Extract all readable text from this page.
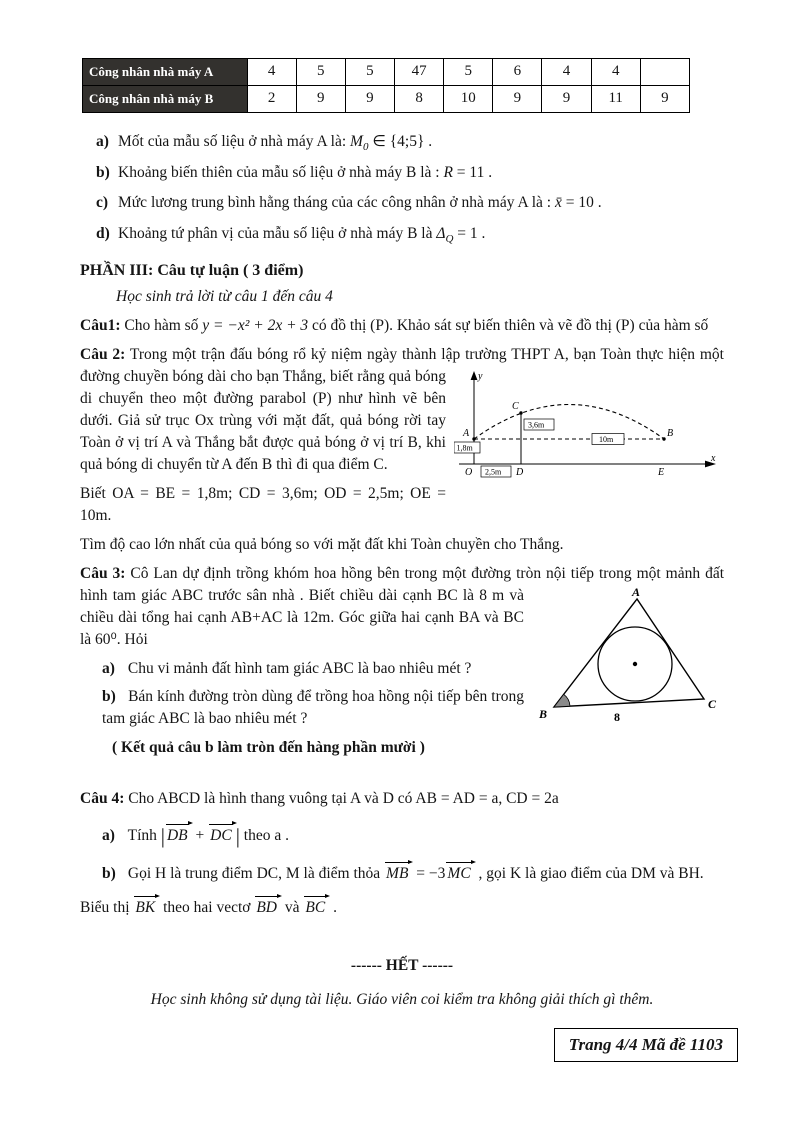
Công nhân nhà máy A	4	5	5	47	5	6	4	4	
Công nhân nhà máy B	2	9	9	8	10	9	9	11	9
a) Mốt của mẫu số liệu ở nhà máy A là: $M_0$ ∈ {4;5} .
b) Khoảng biến thiên của mẫu số liệu ở nhà máy B là : R = 11 .
c) Mức lương trung bình hằng tháng của các công nhân ở nhà máy A là : x̄ = 10 .
d) Khoảng tứ phân vị của mẫu số liệu ở nhà máy B là $\Delta_Q = 1$ .
PHẦN III: Câu tự luận ( 3 điểm)
Học sinh trả lời từ câu 1 đến câu 4

Câu1: Cho hàm số y = −x² + 2x + 3 có đồ thị (P). Khảo sát sự biến thiên và vẽ đồ thị (P) của hàm số

Câu 2: Trong một trận đấu bóng rổ kỷ niệm ngày thành lập trường THPT A, bạn Toàn thực hiện một
1,8m
2,5m
3,6m
10m
A	B
C
O	D	E
y
x
đường chuyền bóng dài cho bạn Thắng, biết rằng quả bóng di chuyển theo một đường parabol (P) như hình vẽ bên dưới. Giả sử trục Ox trùng với mặt đất, quả bóng rời tay Toàn ở vị trí A và Thắng bắt được quả bóng ở vị trí B, khi quả bóng di chuyển từ A đến B thì đi qua điểm C.

Biết OA = BE = 1,8m; CD = 3,6m; OD = 2,5m; OE = 10m.

Tìm độ cao lớn nhất của quả bóng so với mặt đất khi Toàn chuyền cho Thắng.

Câu 3: Cô Lan dự định trồng khóm hoa hồng bên trong một đường tròn nội tiếp trong một mảnh đất
A
B
C
8
hình tam giác ABC trước sân nhà . Biết chiều dài cạnh BC là 8 m và chiều dài tổng hai cạnh AB+AC là 12m. Góc giữa hai cạnh BA và BC là 60⁰. Hỏi

a) Chu vi mảnh đất hình tam giác ABC là bao nhiêu mét ?
b) Bán kính đường tròn dùng để trồng hoa hồng nội tiếp bên trong tam giác ABC là bao nhiêu mét ?
( Kết quả câu b làm tròn đến hàng phần mười )

Câu 4: Cho ABCD là hình thang vuông tại A và D có AB = AD = a, CD = 2a

a) Tính | DB + DC | theo a .
b) Gọi H là trung điểm DC, M là điểm thỏa MB = −3 MC , gọi K là giao điểm của DM và BH.

Biểu thị BK theo hai vectơ BD và BC .

------ HẾT ------
Học sinh không sử dụng tài liệu. Giáo viên coi kiểm tra không giải thích gì thêm.
Trang 4/4 Mã đề 1103
